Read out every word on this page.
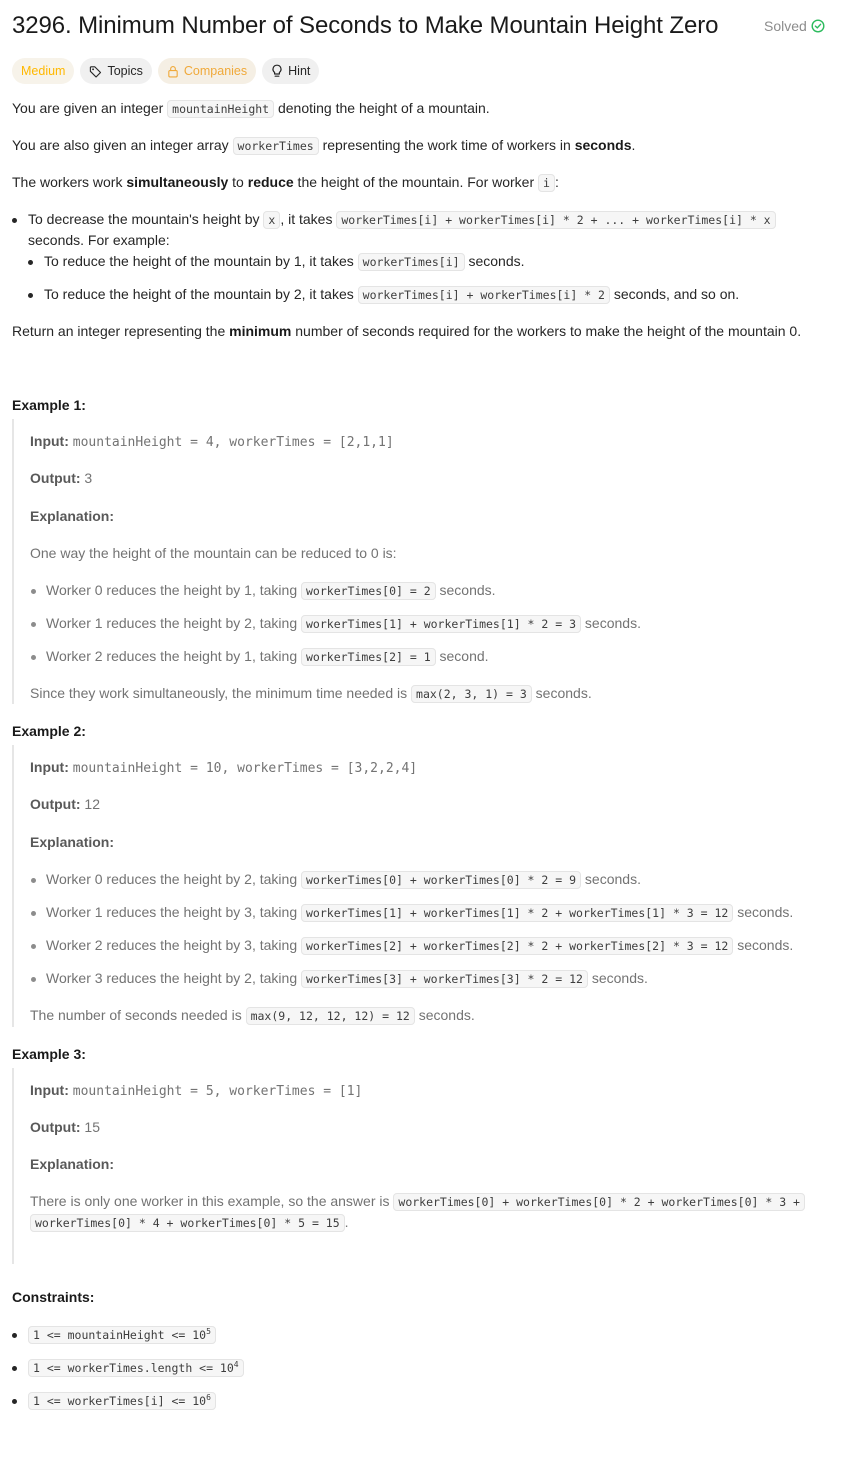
3296. Minimum Number of Seconds to Make Mountain Height Zero	Solved
Medium	Topics	Companies	Hint
You are given an integer mountainHeight denoting the height of a mountain.
You are also given an integer array workerTimes representing the work time of workers in seconds.
The workers work simultaneously to reduce the height of the mountain. For worker i :
To decrease the mountain's height by x , it takes workerTimes[i] + workerTimes[i] * 2 + ... + workerTimes[i] * x
seconds. For example:
To reduce the height of the mountain by 1, it takes workerTimes[i] seconds.
To reduce the height of the mountain by 2, it takes workerTimes[i] + workerTimes[i] * 2 seconds, and so on.
Return an integer representing the minimum number of seconds required for the workers to make the height of the mountain 0.
Example 1:
Input: mountainHeight = 4, workerTimes = [2,1,1]
Output: 3
Explanation:
One way the height of the mountain can be reduced to 0 is:
Worker 0 reduces the height by 1, taking workerTimes[0] = 2 seconds.
Worker 1 reduces the height by 2, taking workerTimes[1] + workerTimes[1] * 2 = 3 seconds.
Worker 2 reduces the height by 1, taking workerTimes[2] = 1 second.
Since they work simultaneously, the minimum time needed is max(2, 3, 1) = 3 seconds.
Example 2:
Input: mountainHeight = 10, workerTimes = [3,2,2,4]
Output: 12
Explanation:
Worker 0 reduces the height by 2, taking workerTimes[0] + workerTimes[0] * 2 = 9 seconds.
Worker 1 reduces the height by 3, taking workerTimes[1] + workerTimes[1] * 2 + workerTimes[1] * 3 = 12 seconds.
Worker 2 reduces the height by 3, taking workerTimes[2] + workerTimes[2] * 2 + workerTimes[2] * 3 = 12 seconds.
Worker 3 reduces the height by 2, taking workerTimes[3] + workerTimes[3] * 2 = 12 seconds.
The number of seconds needed is max(9, 12, 12, 12) = 12 seconds.
Example 3:
Input: mountainHeight = 5, workerTimes = [1]
Output: 15
Explanation:
There is only one worker in this example, so the answer is workerTimes[0] + workerTimes[0] * 2 + workerTimes[0] * 3 +
workerTimes[0] * 4 + workerTimes[0] * 5 = 15 .
Constraints:
1 <= mountainHeight <= $10^5$
1 <= workerTimes.length <= $10^4$
1 <= workerTimes[i] <= $10^6$
